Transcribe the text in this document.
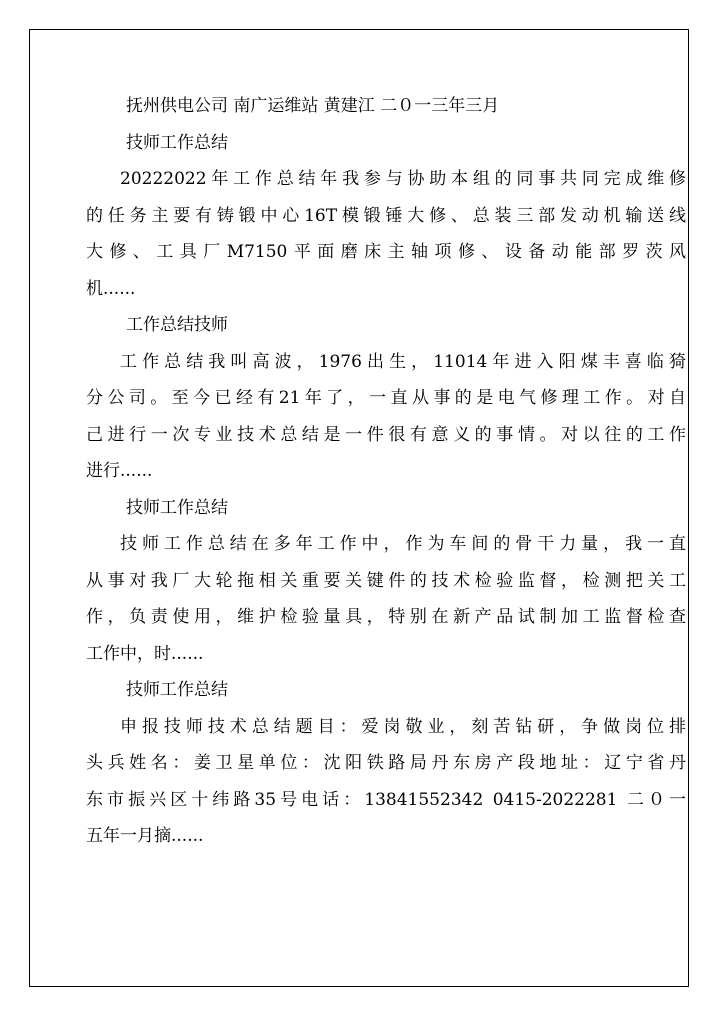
抚州供电公司 南广运维站 黄建江 二０一三年三月

技师工作总结

20222022年工作总结年我参与协助本组的同事共同完成维修

的任务主要有铸锻中心16T模锻锤大修、总装三部发动机输送线

大修、工具厂M7150平面磨床主轴项修、设备动能部罗茨风

机......

工作总结技师

工作总结我叫高波，1976出生，11014年进入阳煤丰喜临猗

分公司。至今已经有21年了，一直从事的是电气修理工作。对自

己进行一次专业技术总结是一件很有意义的事情。对以往的工作

进行......

技师工作总结

技师工作总结在多年工作中，作为车间的骨干力量，我一直

从事对我厂大轮拖相关重要关键件的技术检验监督，检测把关工

作，负责使用，维护检验量具，特别在新产品试制加工监督检查

工作中，时......

技师工作总结

申报技师技术总结题目：爱岗敬业，刻苦钻研，争做岗位排

头兵姓名：姜卫星单位：沈阳铁路局丹东房产段地址：辽宁省丹

东市振兴区十纬路35号电话：13841552342 0415-2022281 二０一

五年一月摘......
